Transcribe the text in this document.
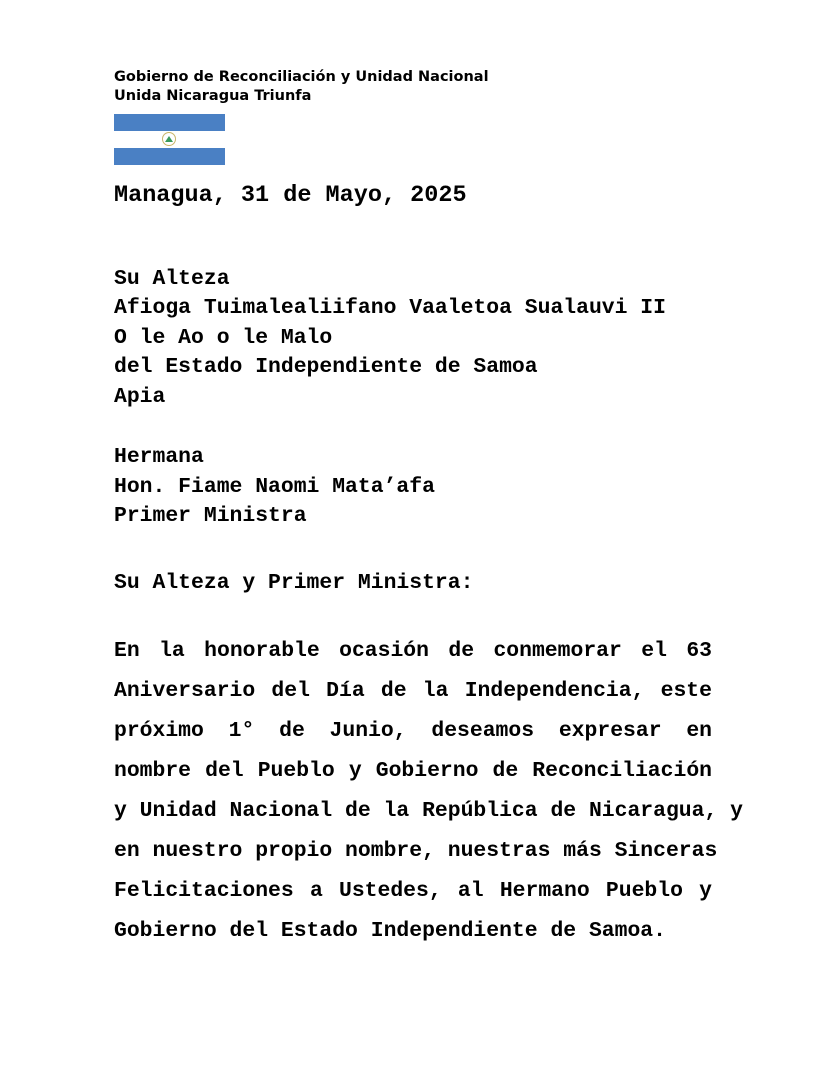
Gobierno de Reconciliación y Unidad Nacional
Unida Nicaragua Triunfa
Managua, 31 de Mayo, 2025
Su Alteza
Afioga Tuimalealiifano Vaaletoa Sualauvi II
O le Ao o le Malo
del Estado Independiente de Samoa
Apia
Hermana
Hon. Fiame Naomi Mata’afa
Primer Ministra
Su Alteza y Primer Ministra:
En la honorable ocasión de conmemorar el 63
Aniversario del Día de la Independencia, este
próximo 1° de Junio, deseamos expresar en
nombre del Pueblo y Gobierno de Reconciliación
y Unidad Nacional de la República de Nicaragua, y
en nuestro propio nombre, nuestras más Sinceras
Felicitaciones a Ustedes, al Hermano Pueblo y
Gobierno del Estado Independiente de Samoa.
